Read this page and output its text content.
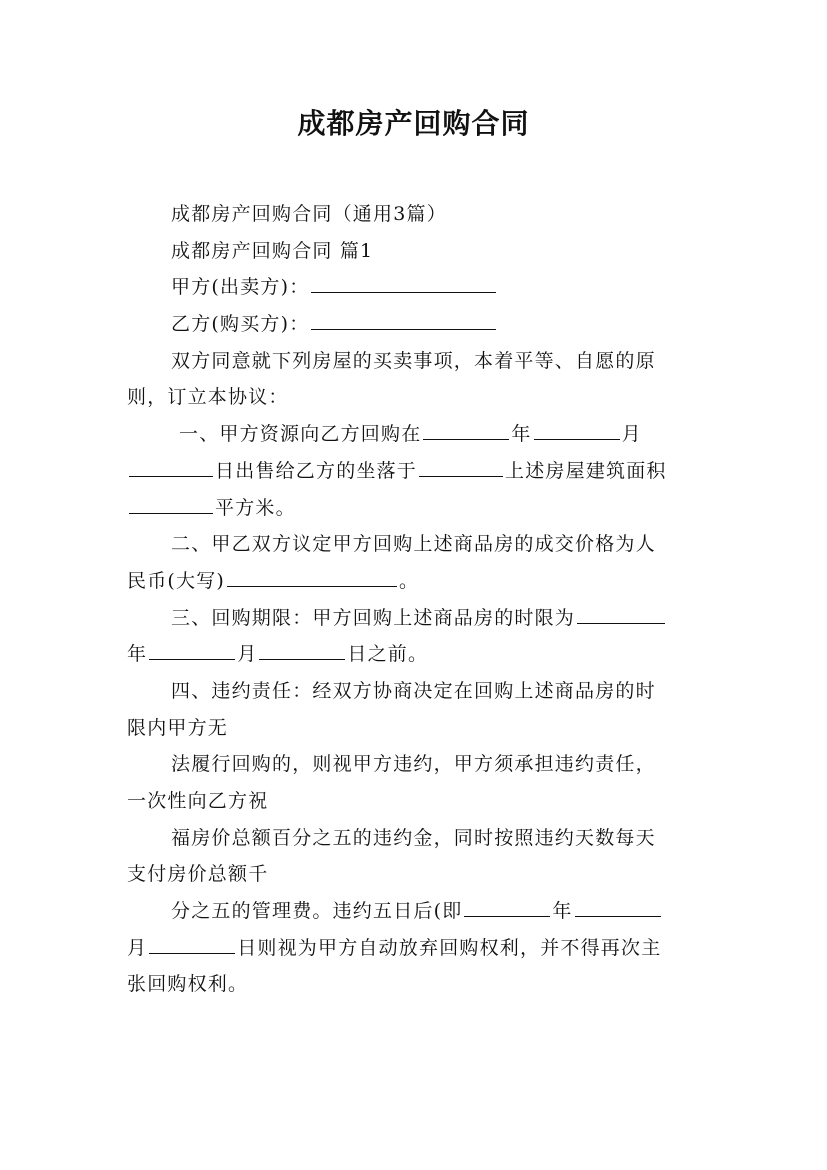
成都房产回购合同
成都房产回购合同（通用3篇）
成都房产回购合同 篇1
甲方(出卖方)：
乙方(购买方)：
双方同意就下列房屋的买卖事项，本着平等、自愿的原
则，订立本协议：
一、甲方资源向乙方回购在	年	月
日出售给乙方的坐落于	上述房屋建筑面积
平方米。
二、甲乙双方议定甲方回购上述商品房的成交价格为人
民币(大写)	。
三、回购期限：甲方回购上述商品房的时限为
年	月	日之前。
四、违约责任：经双方协商决定在回购上述商品房的时
限内甲方无
法履行回购的，则视甲方违约，甲方须承担违约责任，
一次性向乙方祝
福房价总额百分之五的违约金，同时按照违约天数每天
支付房价总额千
分之五的管理费。违约五日后(即	年
月	日则视为甲方自动放弃回购权利，并不得再次主
张回购权利。
